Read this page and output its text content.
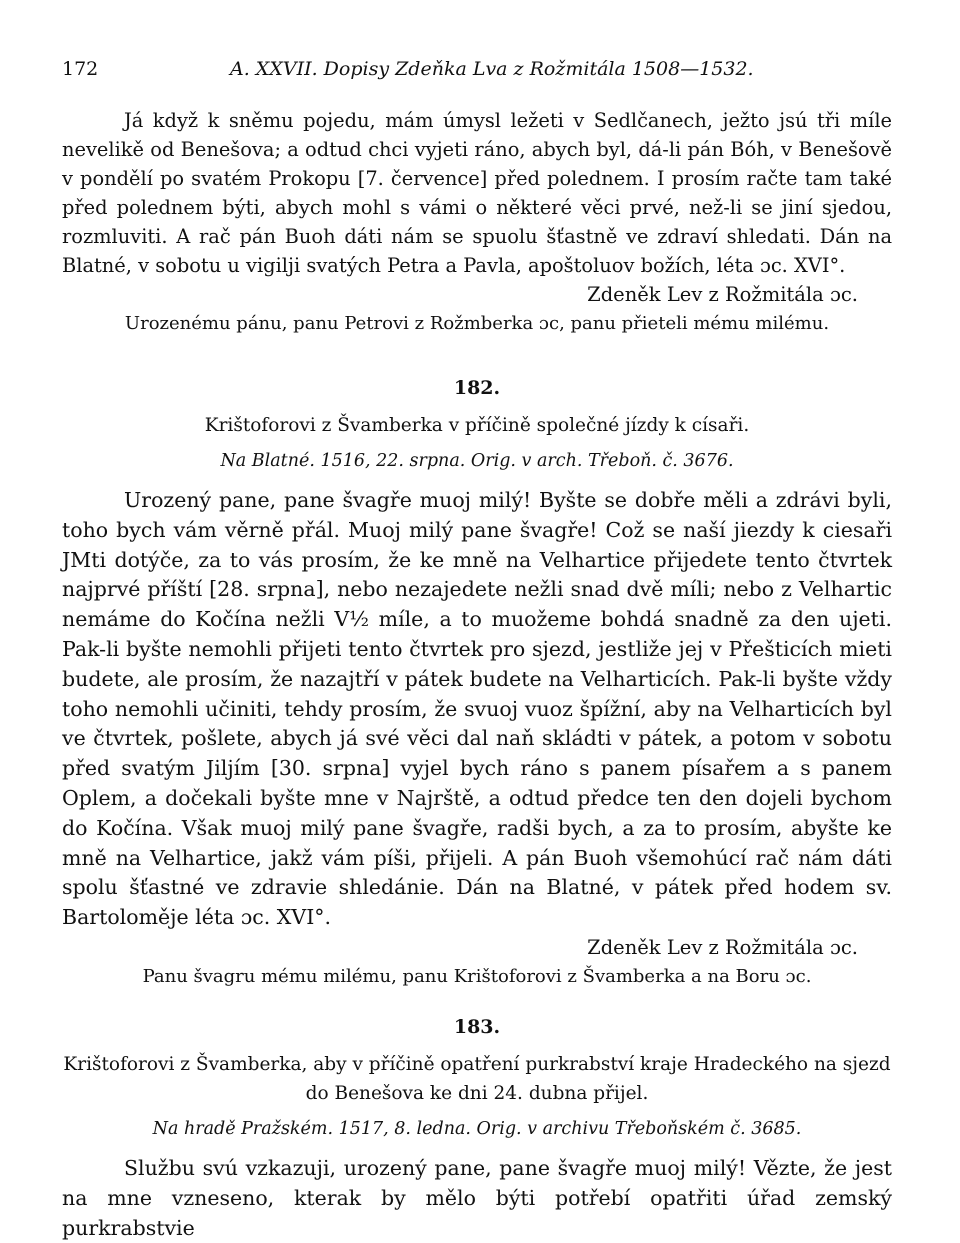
172	A. XXVII. Dopisy Zdeňka Lva z Rožmitála 1508—1532.

Já když k sněmu pojedu, mám úmysl ležeti v Sedlčanech, ježto jsú tři míle nevelikě od Benešova; a odtud chci vyjeti ráno, abych byl, dá-li pán Bóh, v Benešově v pondělí po svatém Prokopu [7. července] před polednem. I prosím račte tam také před polednem býti, abych mohl s vámi o některé věci prvé, než-li se jiní sjedou, rozmluviti. A rač pán Buoh dáti nám se spuolu šťastně ve zdraví shledati. Dán na Blatné, v sobotu u vigilji svatých Petra a Pavla, apoštoluov božích, léta ɔc. XVI°.

Zdeněk Lev z Rožmitála ɔc.

Urozenému pánu, panu Petrovi z Rožmberka ɔc, panu přieteli mému milému.

182.

Krištoforovi z Švamberka v příčině společné jízdy k císaři.

Na Blatné. 1516, 22. srpna. Orig. v arch. Třeboň. č. 3676.

Urozený pane, pane švagře muoj milý! Byšte se dobře měli a zdrávi byli, toho bych vám věrně přál. Muoj milý pane švagře! Což se naší jiezdy k ciesaři JMti dotýče, za to vás prosím, že ke mně na Velhartice přijedete tento čtvrtek najprvé příští [28. srpna], nebo nezajedete nežli snad dvě míli; nebo z Velhartic nemáme do Kočína nežli V½ míle, a to muožeme bohdá snadně za den ujeti. Pak-li byšte nemohli přijeti tento čtvrtek pro sjezd, jestliže jej v Přešticích mieti budete, ale prosím, že nazajtří v pátek budete na Velharticích. Pak-li byšte vždy toho nemohli učiniti, tehdy prosím, že svuoj vuoz špížní, aby na Velharticích byl ve čtvrtek, pošlete, abych já své věci dal naň skládti v pátek, a potom v sobotu před svatým Jiljím [30. srpna] vyjel bych ráno s panem písařem a s panem Oplem, a dočekali byšte mne v Najrště, a odtud předce ten den dojeli bychom do Kočína. Však muoj milý pane švagře, radši bych, a za to prosím, abyšte ke mně na Velhartice, jakž vám píši, přijeli. A pán Buoh všemohúcí rač nám dáti spolu šťastné ve zdravie shledánie. Dán na Blatné, v pátek před hodem sv. Bartoloměje léta ɔc. XVI°.

Zdeněk Lev z Rožmitála ɔc.

Panu švagru mému milému, panu Krištoforovi z Švamberka a na Boru ɔc.

183.

Krištoforovi z Švamberka, aby v příčině opatření purkrabství kraje Hradeckého na sjezd do Benešova ke dni 24. dubna přijel.

Na hradě Pražském. 1517, 8. ledna. Orig. v archivu Třeboňském č. 3685.

Službu svú vzkazuji, urozený pane, pane švagře muoj milý! Vězte, že jest na mne vzneseno, kterak by mělo býti potřebí opatřiti úřad zemský purkrabstvie
